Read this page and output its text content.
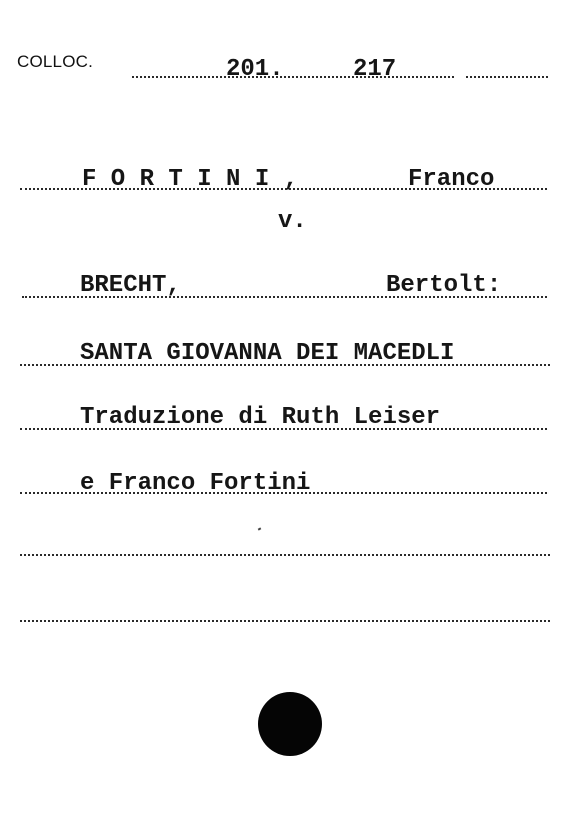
COLLOC.	201.	217
F O R T I N I ,	Franco
v.
BRECHT,	Bertolt:
SANTA GIOVANNA DEI MACEDLI
Traduzione di Ruth Leiser
e Franco Fortini
